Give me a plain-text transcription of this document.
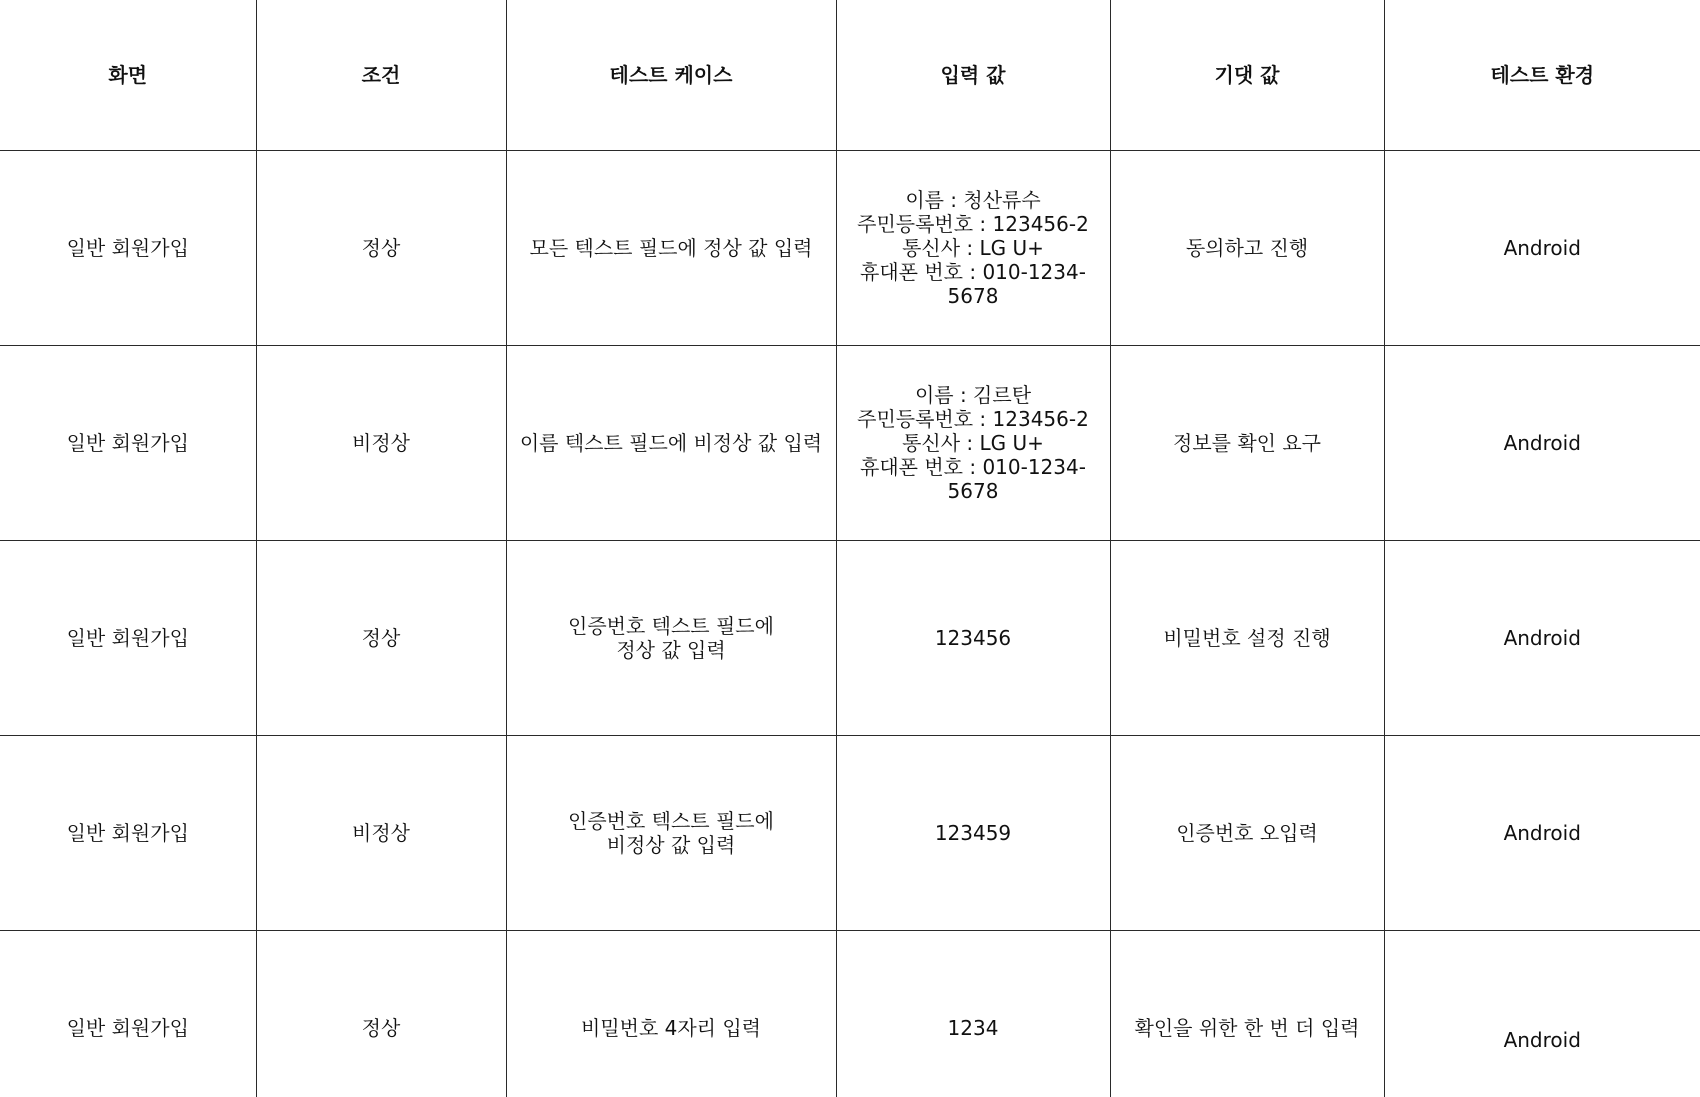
화면	조건	테스트 케이스	입력 값	기댓 값	테스트 환경
일반 회원가입	정상	모든 텍스트 필드에 정상 값 입력	이름 : 청산류수
주민등록번호 : 123456-2
통신사 : LG U+
휴대폰 번호 : 010-1234-5678	동의하고 진행	Android
일반 회원가입	비정상	이름 텍스트 필드에 비정상 값 입력	이름 : 김르탄
주민등록번호 : 123456-2
통신사 : LG U+
휴대폰 번호 : 010-1234-5678	정보를 확인 요구	Android
일반 회원가입	정상	인증번호 텍스트 필드에
정상 값 입력	123456	비밀번호 설정 진행	Android
일반 회원가입	비정상	인증번호 텍스트 필드에
비정상 값 입력	123459	인증번호 오입력	Android
일반 회원가입	정상	비밀번호 4자리 입력	1234	확인을 위한 한 번 더 입력	Android
